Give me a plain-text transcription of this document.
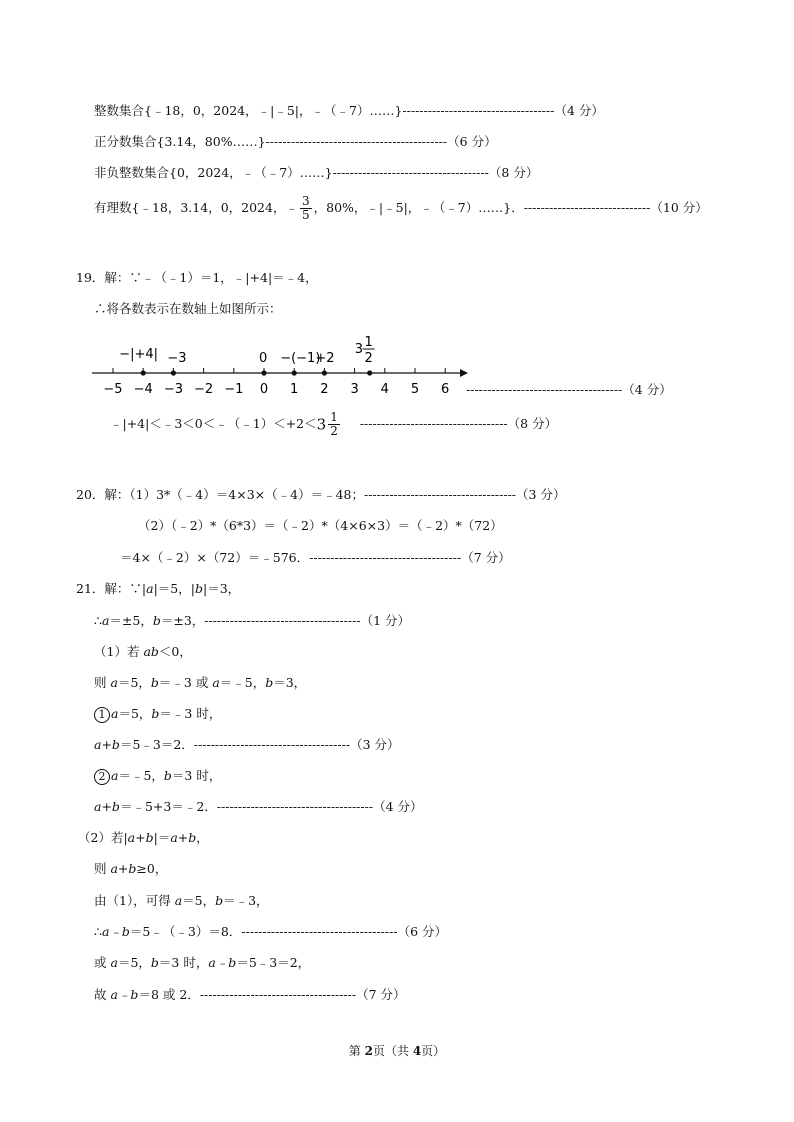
整数集合{﹣18，0，2024，﹣|﹣5|，﹣（﹣7）……}------------------------------------（4 分）
正分数集合{3.14，80%……}-------------------------------------------（6 分）
非负整数集合{0，2024，﹣（﹣7）……}-------------------------------------（8 分）
有理数{﹣18，3.14，0，2024，﹣ $\frac{3}{5}$ ，80%，﹣|﹣5|，﹣（﹣7）……}．------------------------------（10 分）
19．解：∵﹣（﹣1）＝1，﹣|+4|＝﹣4，
∴将各数表示在数轴上如图所示：
−5 −4 −3 −2 −1 0 1 2 3 4 5 6
−|+4| −3	0 −(−1)
+2
3 1
2
-------------------------------------（4 分）
﹣|+4|＜﹣3＜0＜﹣（﹣1）＜+2＜3 $\frac{1}{2} -----------------------------------(8$ 分）
20．解：（1）3*（﹣4）＝4×3×（﹣4）＝﹣48；------------------------------------（3 分）
（2）（﹣2）*（6*3）＝（﹣2）*（4×6×3）＝（﹣2）*（72）
＝4×（﹣2）×（72）＝﹣576．------------------------------------（7 分）
21．解：∵|a|＝5，|b|＝3，
∴a＝±5，b＝±3，-------------------------------------（1 分）
（1）若 ab＜0，
则 a＝5，b＝﹣3 或 a＝﹣5，b＝3，
1 a＝5，b＝﹣3 时，
a+b＝5﹣3＝2．-------------------------------------（3 分）
2 a＝﹣5，b＝3 时，
a+b＝﹣5+3＝﹣2．-------------------------------------（4 分）
（2）若|a+b|＝a+b，
则 a+b≥0，
由（1），可得 a＝5，b＝﹣3，
∴a﹣b＝5﹣（﹣3）＝8．-------------------------------------（6 分）
或 a＝5，b＝3 时，a﹣b＝5﹣3＝2，
故 a﹣b＝8 或 2．-------------------------------------（7 分）
第 2页（共 4页）
